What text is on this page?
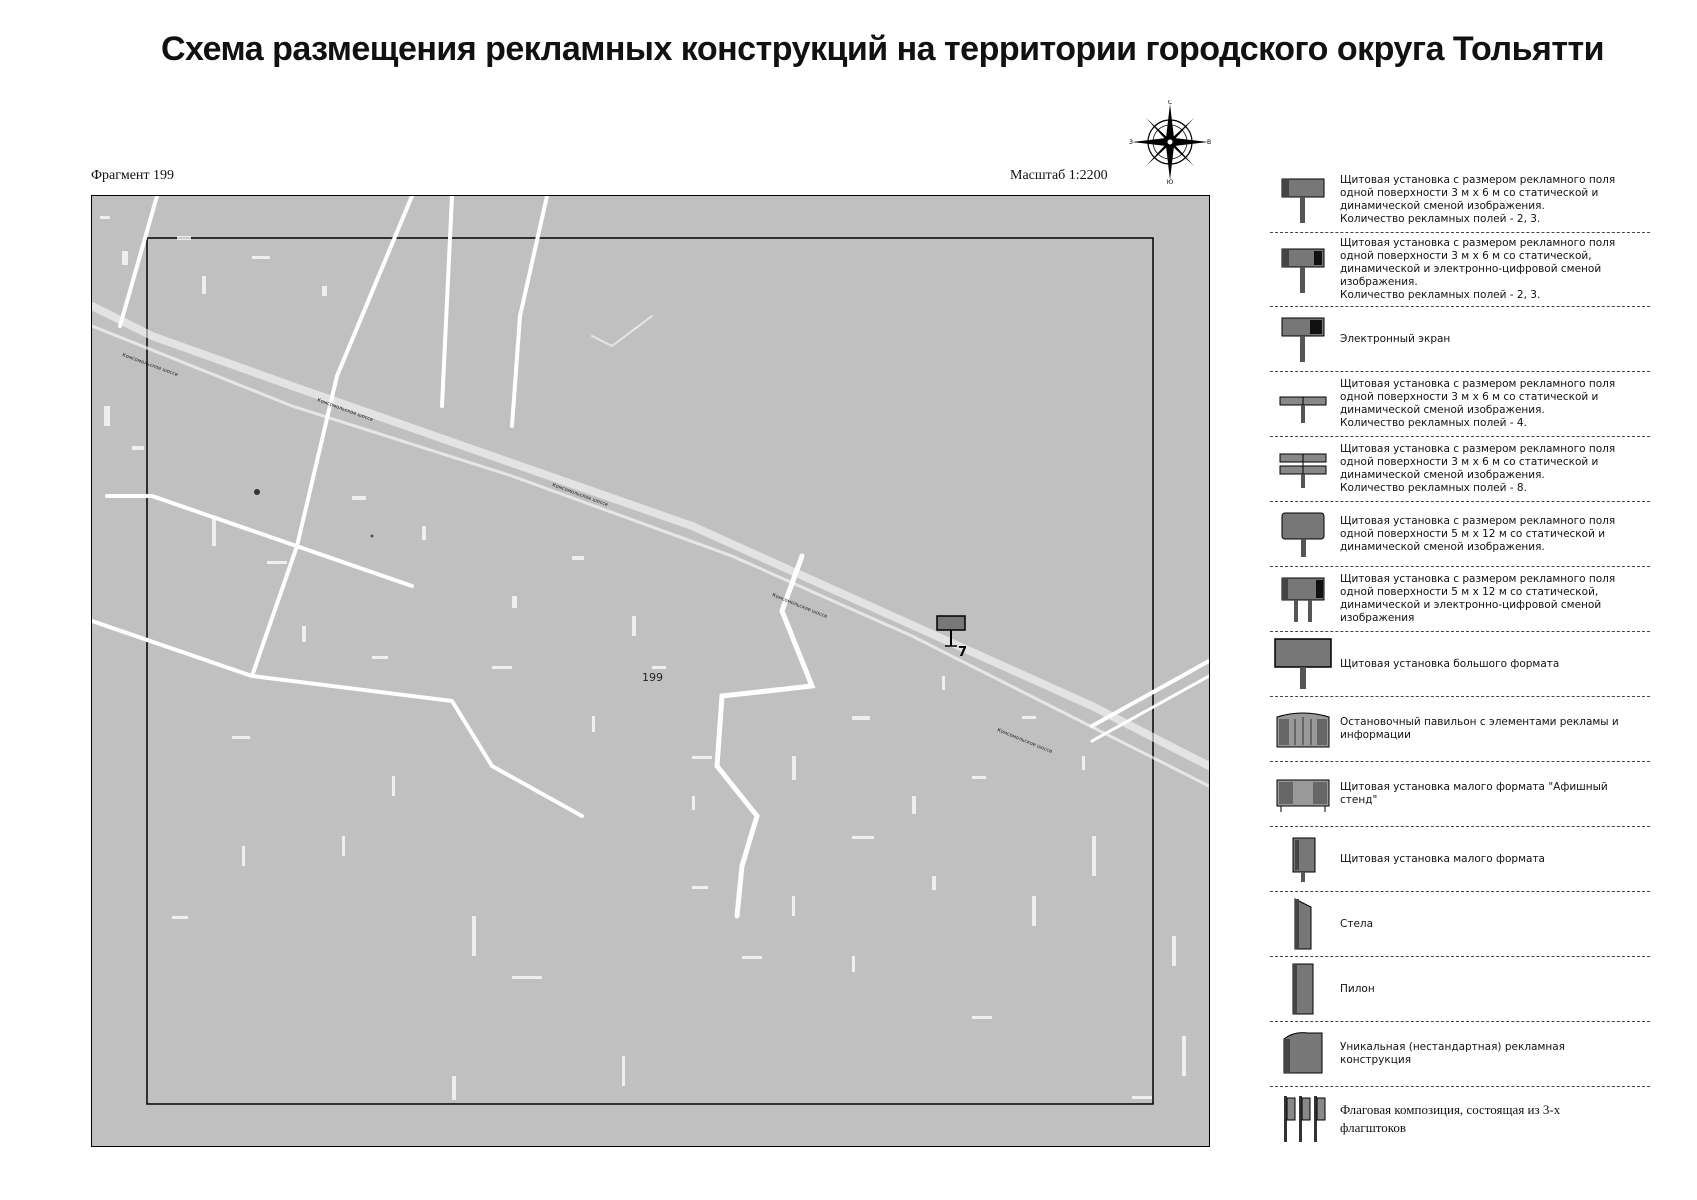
Схема размещения рекламных конструкций на территории городского округа Тольятти
Фрагмент 199	Масштаб 1:2200
С
Ю
З	В
Комсомольское шоссе
Комсомольское шоссе
Комсомольское шоссе
Комсомольское шоссе
Комсомольское шоссе
199
7
Щитовая установка с размером рекламного поля
одной поверхности 3 м х 6 м со статической и
динамической сменой изображения.
Количество рекламных полей - 2, 3.
Щитовая установка с размером рекламного поля
одной поверхности 3 м х 6 м со статической,
динамической и электронно-цифровой сменой
изображения.
Количество рекламных полей - 2, 3.
Электронный экран
Щитовая установка с размером рекламного поля
одной поверхности 3 м х 6 м со статической и
динамической сменой изображения.
Количество рекламных полей - 4.
Щитовая установка с размером рекламного поля
одной поверхности 3 м х 6 м со статической и
динамической сменой изображения.
Количество рекламных полей - 8.
Щитовая установка с размером рекламного поля
одной поверхности 5 м х 12 м со статической и
динамической сменой изображения.
Щитовая установка с размером рекламного поля
одной поверхности 5 м х 12 м со статической,
динамической и электронно-цифровой сменой
изображения
Щитовая установка большого формата
Остановочный павильон с элементами рекламы и
информации
Щитовая установка малого формата "Афишный
стенд"
Щитовая установка малого формата
Стела
Пилон
Уникальная (нестандартная) рекламная
конструкция
Флаговая композиция, состоящая из 3-х
флагштоков
